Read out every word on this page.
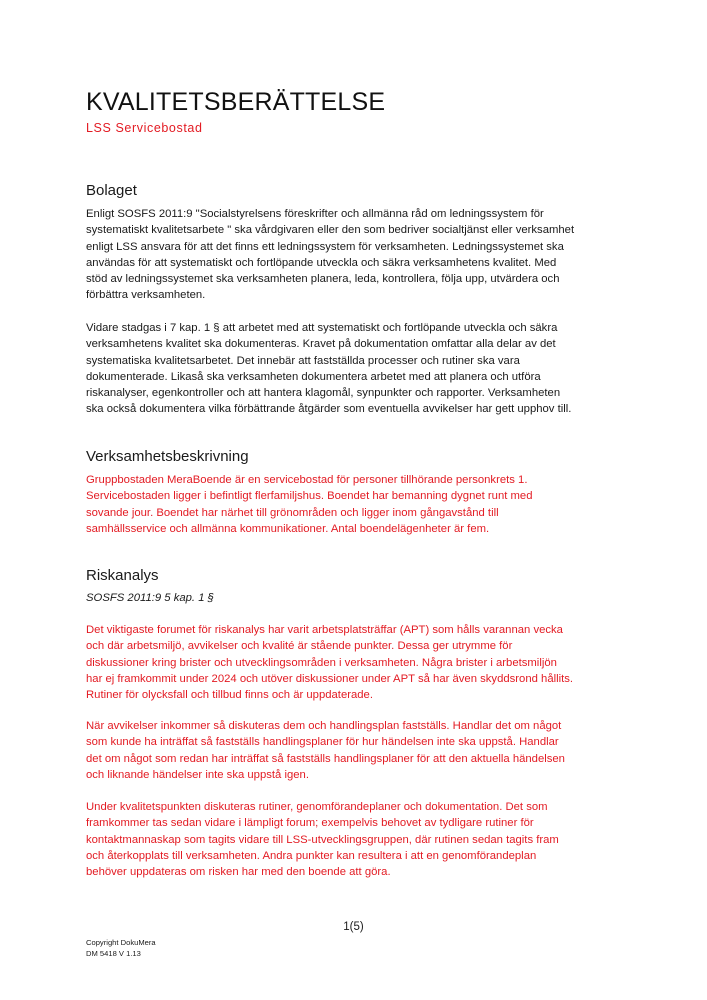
KVALITETSBERÄTTELSE
LSS Servicebostad
Bolaget
Enligt SOSFS 2011:9 "Socialstyrelsens föreskrifter och allmänna råd om ledningssystem för
systematiskt kvalitetsarbete " ska vårdgivaren eller den som bedriver socialtjänst eller verksamhet
enligt LSS ansvara för att det finns ett ledningssystem för verksamheten. Ledningssystemet ska
användas för att systematiskt och fortlöpande utveckla och säkra verksamhetens kvalitet. Med
stöd av ledningssystemet ska verksamheten planera, leda, kontrollera, följa upp, utvärdera och
förbättra verksamheten.
Vidare stadgas i 7 kap. 1 § att arbetet med att systematiskt och fortlöpande utveckla och säkra
verksamhetens kvalitet ska dokumenteras. Kravet på dokumentation omfattar alla delar av det
systematiska kvalitetsarbetet. Det innebär att fastställda processer och rutiner ska vara
dokumenterade. Likaså ska verksamheten dokumentera arbetet med att planera och utföra
riskanalyser, egenkontroller och att hantera klagomål, synpunkter och rapporter. Verksamheten
ska också dokumentera vilka förbättrande åtgärder som eventuella avvikelser har gett upphov till.
Verksamhetsbeskrivning
Gruppbostaden MeraBoende är en servicebostad för personer tillhörande personkrets 1.
Servicebostaden ligger i befintligt flerfamiljshus. Boendet har bemanning dygnet runt med
sovande jour. Boendet har närhet till grönområden och ligger inom gångavstånd till
samhällsservice och allmänna kommunikationer. Antal boendelägenheter är fem.
Riskanalys
SOSFS 2011:9 5 kap. 1 §
Det viktigaste forumet för riskanalys har varit arbetsplatsträffar (APT) som hålls varannan vecka
och där arbetsmiljö, avvikelser och kvalité är stående punkter. Dessa ger utrymme för
diskussioner kring brister och utvecklingsområden i verksamheten. Några brister i arbetsmiljön
har ej framkommit under 2024 och utöver diskussioner under APT så har även skyddsrond hållits.
Rutiner för olycksfall och tillbud finns och är uppdaterade.
När avvikelser inkommer så diskuteras dem och handlingsplan fastställs. Handlar det om något
som kunde ha inträffat så fastställs handlingsplaner för hur händelsen inte ska uppstå. Handlar
det om något som redan har inträffat så fastställs handlingsplaner för att den aktuella händelsen
och liknande händelser inte ska uppstå igen.
Under kvalitetspunkten diskuteras rutiner, genomförandeplaner och dokumentation. Det som
framkommer tas sedan vidare i lämpligt forum; exempelvis behovet av tydligare rutiner för
kontaktmannaskap som tagits vidare till LSS-utvecklingsgruppen, där rutinen sedan tagits fram
och återkopplats till verksamheten. Andra punkter kan resultera i att en genomförandeplan
behöver uppdateras om risken har med den boende att göra.
1(5)
Copyright DokuMera
DM 5418 V 1.13
